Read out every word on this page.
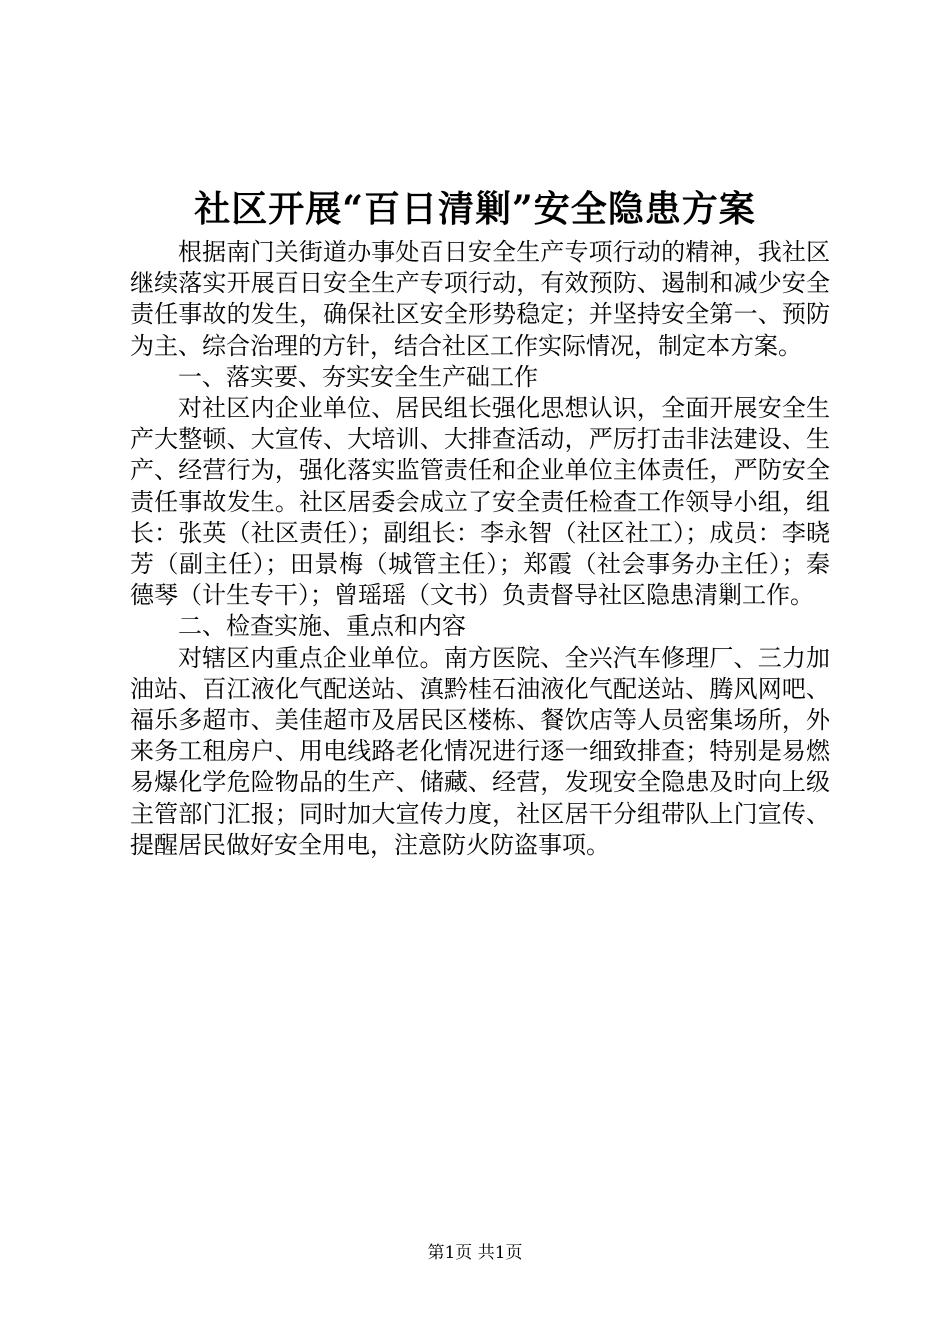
社区开展“百日清剿”安全隐患方案

根据南门关街道办事处百日安全生产专项行动的精神，我社区继续落实开展百日安全生产专项行动，有效预防、遏制和减少安全责任事故的发生，确保社区安全形势稳定；并坚持安全第一、预防为主、综合治理的方针，结合社区工作实际情况，制定本方案。

一、落实要、夯实安全生产础工作

对社区内企业单位、居民组长强化思想认识，全面开展安全生产大整顿、大宣传、大培训、大排查活动，严厉打击非法建设、生产、经营行为，强化落实监管责任和企业单位主体责任，严防安全责任事故发生。社区居委会成立了安全责任检查工作领导小组，组长：张英（社区责任）；副组长：李永智（社区社工）；成员：李晓芳（副主任）；田景梅（城管主任）；郑霞（社会事务办主任）；秦德琴（计生专干）；曾瑶瑶（文书）负责督导社区隐患清剿工作。

二、检查实施、重点和内容

对辖区内重点企业单位。南方医院、全兴汽车修理厂、三力加油站、百江液化气配送站、滇黔桂石油液化气配送站、腾风网吧、福乐多超市、美佳超市及居民区楼栋、餐饮店等人员密集场所，外来务工租房户、用电线路老化情况进行逐一细致排查；特别是易燃易爆化学危险物品的生产、储藏、经营，发现安全隐患及时向上级主管部门汇报；同时加大宣传力度，社区居干分组带队上门宣传、提醒居民做好安全用电，注意防火防盗事项。

第1页 共1页
